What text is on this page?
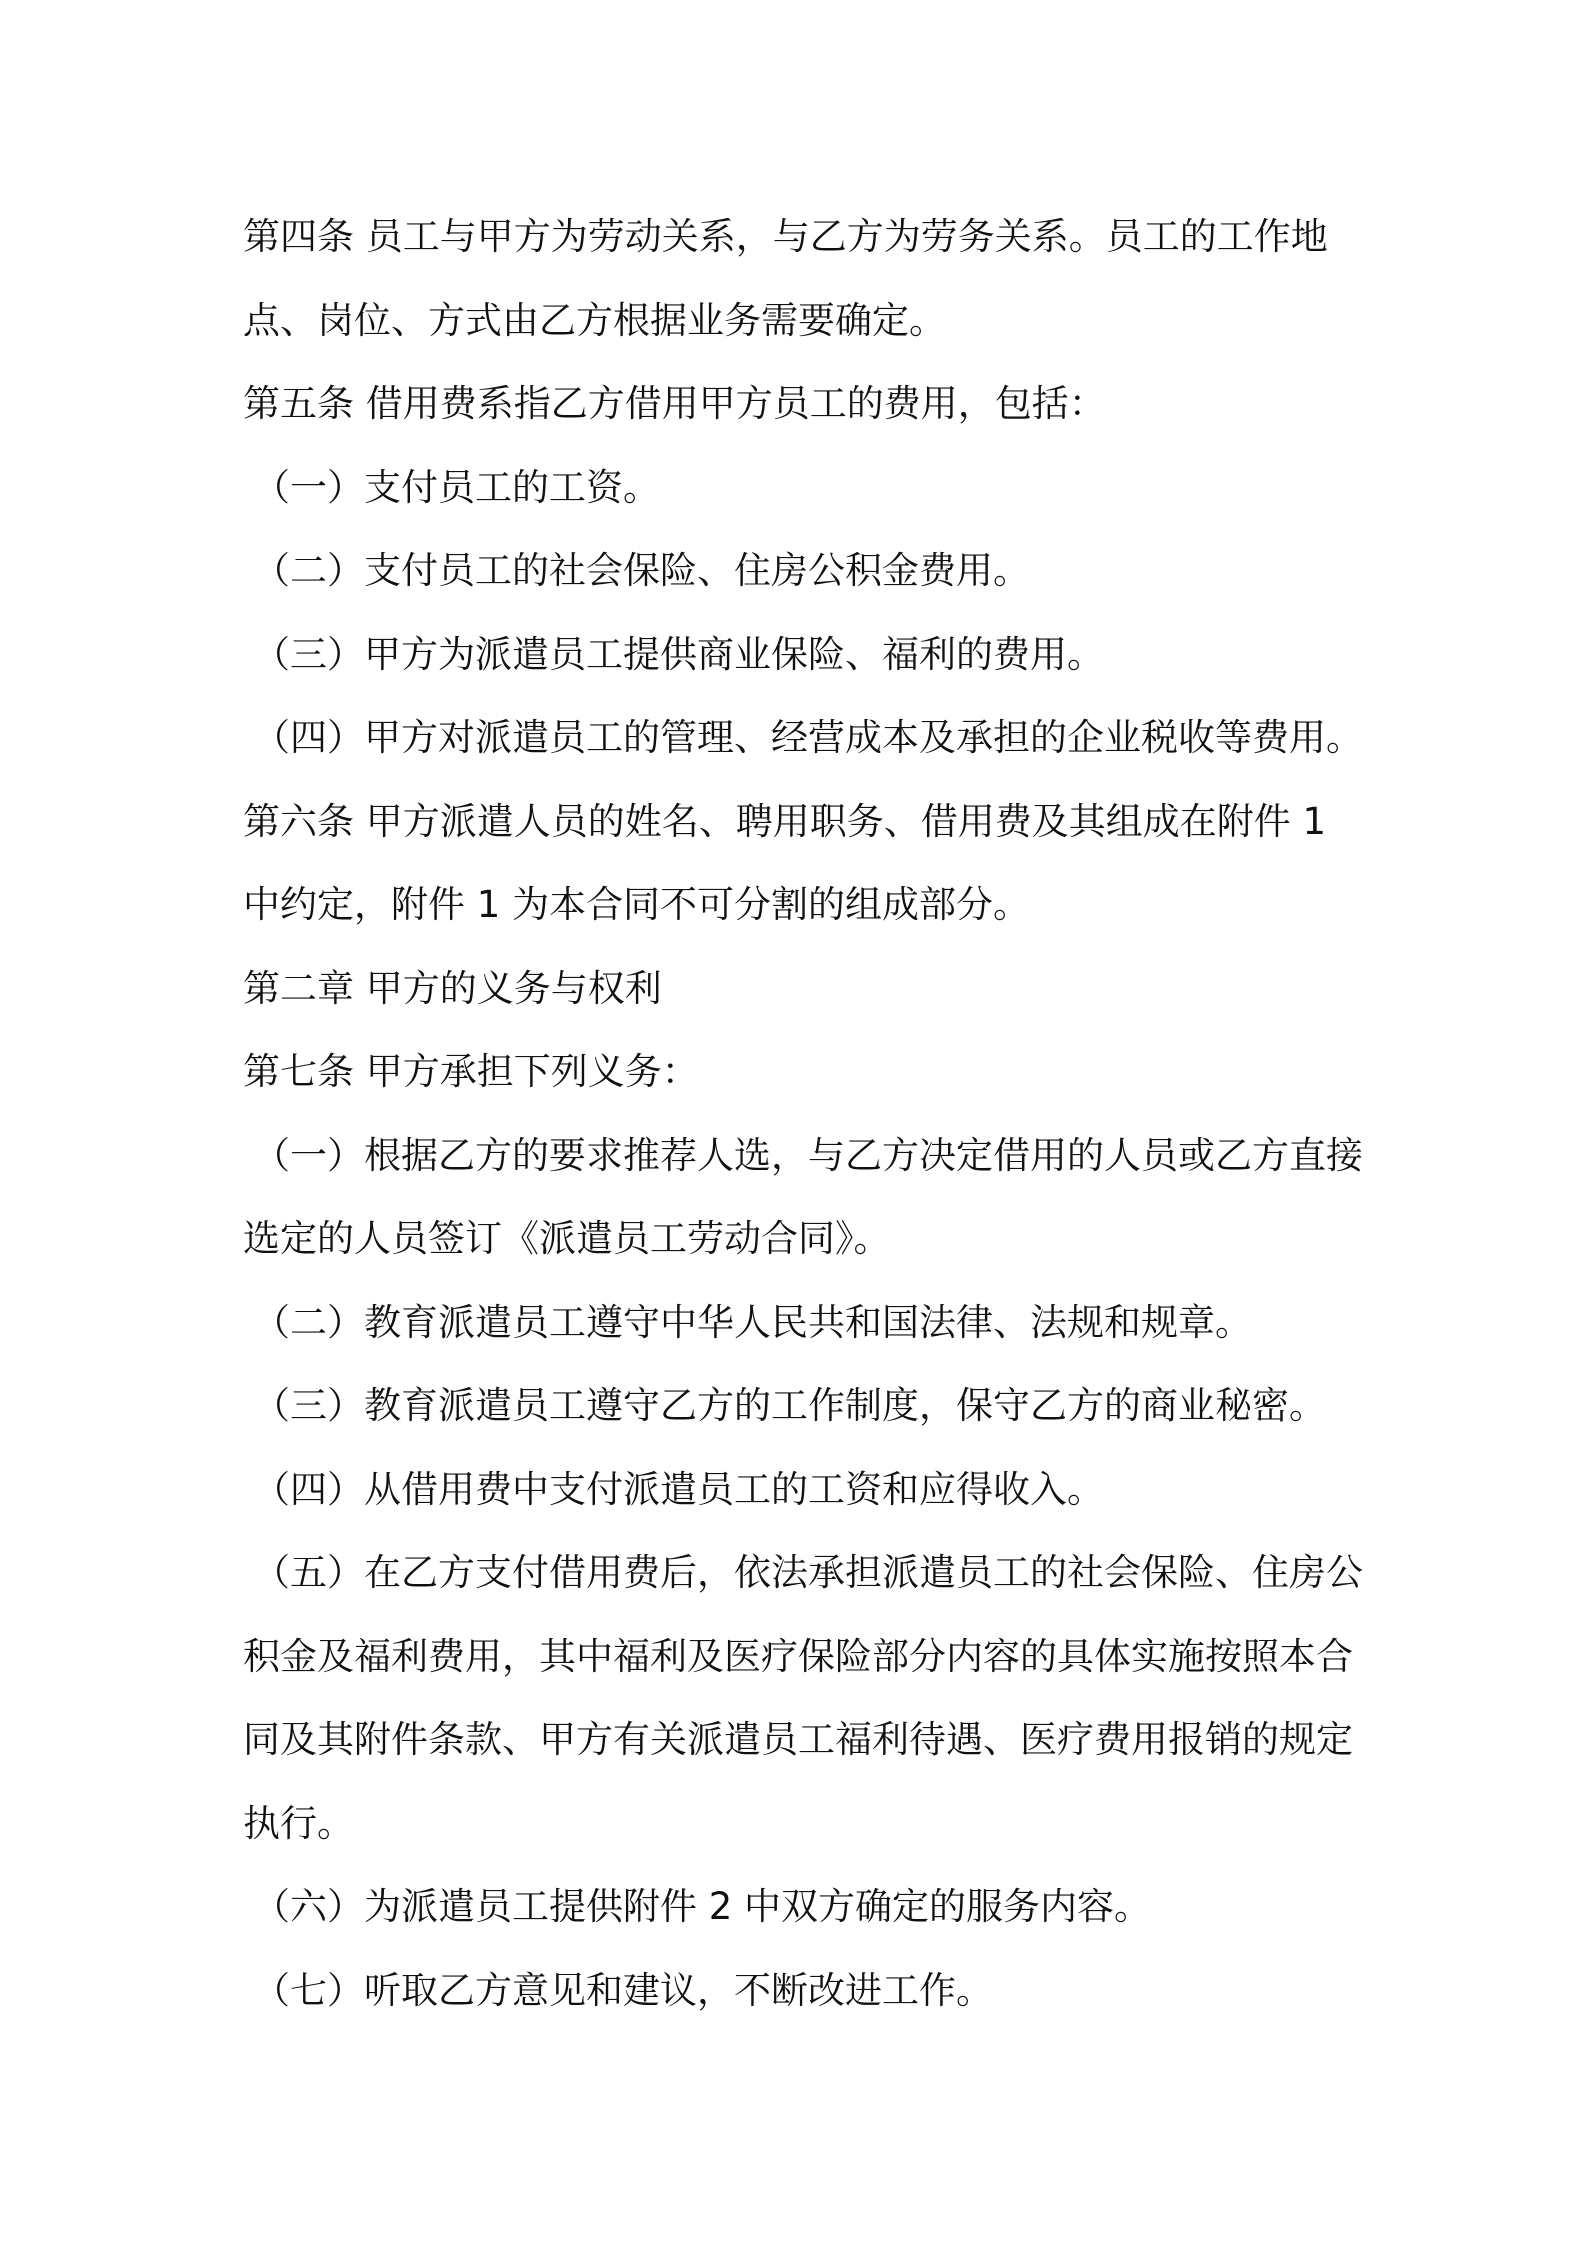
第四条 员工与甲方为劳动关系，与乙方为劳务关系。员工的工作地
点、岗位、方式由乙方根据业务需要确定。
第五条 借用费系指乙方借用甲方员工的费用，包括：
（一）支付员工的工资。
（二）支付员工的社会保险、住房公积金费用。
（三）甲方为派遣员工提供商业保险、福利的费用。
（四）甲方对派遣员工的管理、经营成本及承担的企业税收等费用。
第六条 甲方派遣人员的姓名、聘用职务、借用费及其组成在附件 1
中约定，附件 1 为本合同不可分割的组成部分。
第二章 甲方的义务与权利
第七条 甲方承担下列义务：
（一）根据乙方的要求推荐人选，与乙方决定借用的人员或乙方直接
选定的人员签订《派遣员工劳动合同》。
（二）教育派遣员工遵守中华人民共和国法律、法规和规章。
（三）教育派遣员工遵守乙方的工作制度，保守乙方的商业秘密。
（四）从借用费中支付派遣员工的工资和应得收入。
（五）在乙方支付借用费后，依法承担派遣员工的社会保险、住房公
积金及福利费用，其中福利及医疗保险部分内容的具体实施按照本合
同及其附件条款、甲方有关派遣员工福利待遇、医疗费用报销的规定
执行。
（六）为派遣员工提供附件 2 中双方确定的服务内容。
（七）听取乙方意见和建议，不断改进工作。
